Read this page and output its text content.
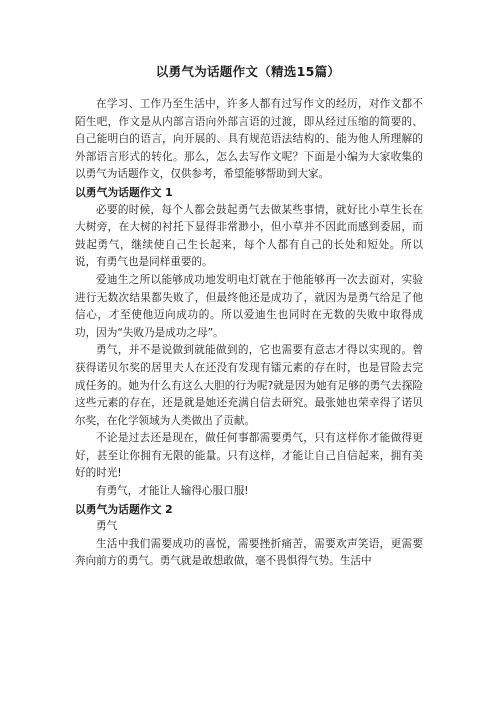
以勇气为话题作文（精选15篇）

在学习、工作乃至生活中，许多人都有过写作文的经历，对作文都不陌生吧，作文是从内部言语向外部言语的过渡，即从经过压缩的简要的、自己能明白的语言，向开展的、具有规范语法结构的、能为他人所理解的外部语言形式的转化。那么，怎么去写作文呢？下面是小编为大家收集的以勇气为话题作文，仅供参考，希望能够帮助到大家。

以勇气为话题作文 1

必要的时候，每个人都会鼓起勇气去做某些事情，就好比小草生长在大树旁，在大树的衬托下显得非常渺小，但小草并不因此而感到委屈，而鼓起勇气，继续使自己生长起来，每个人都有自己的长处和短处。所以说，有勇气也是同样重要的。

爱迪生之所以能够成功地发明电灯就在于他能够再一次去面对，实验进行无数次结果都失败了，但最终他还是成功了，就因为是勇气给足了他信心，才至使他迈向成功的。所以爱迪生也同时在无数的失败中取得成功，因为“失败乃是成功之母”。

勇气，并不是说做到就能做到的，它也需要有意志才得以实现的。曾获得诺贝尔奖的居里夫人在还没有发现有镭元素的存在时，也是冒险去完成任务的。她为什么有这么大胆的行为呢?就是因为她有足够的勇气去探险这些元素的存在，还是就是她还充满自信去研究。最张她也荣幸得了诺贝尔奖，在化学领域为人类做出了贡献。

不论是过去还是现在，做任何事都需要勇气，只有这样你才能做得更好，甚至让你拥有无限的能量。只有这样，才能让自己自信起来，拥有美好的时光!

有勇气，才能让人输得心服口服!

以勇气为话题作文 2

勇气

生活中我们需要成功的喜悦，需要挫折痛苦，需要欢声笑语，更需要奔向前方的勇气。勇气就是敢想敢做，毫不畏惧得气势。生活中
